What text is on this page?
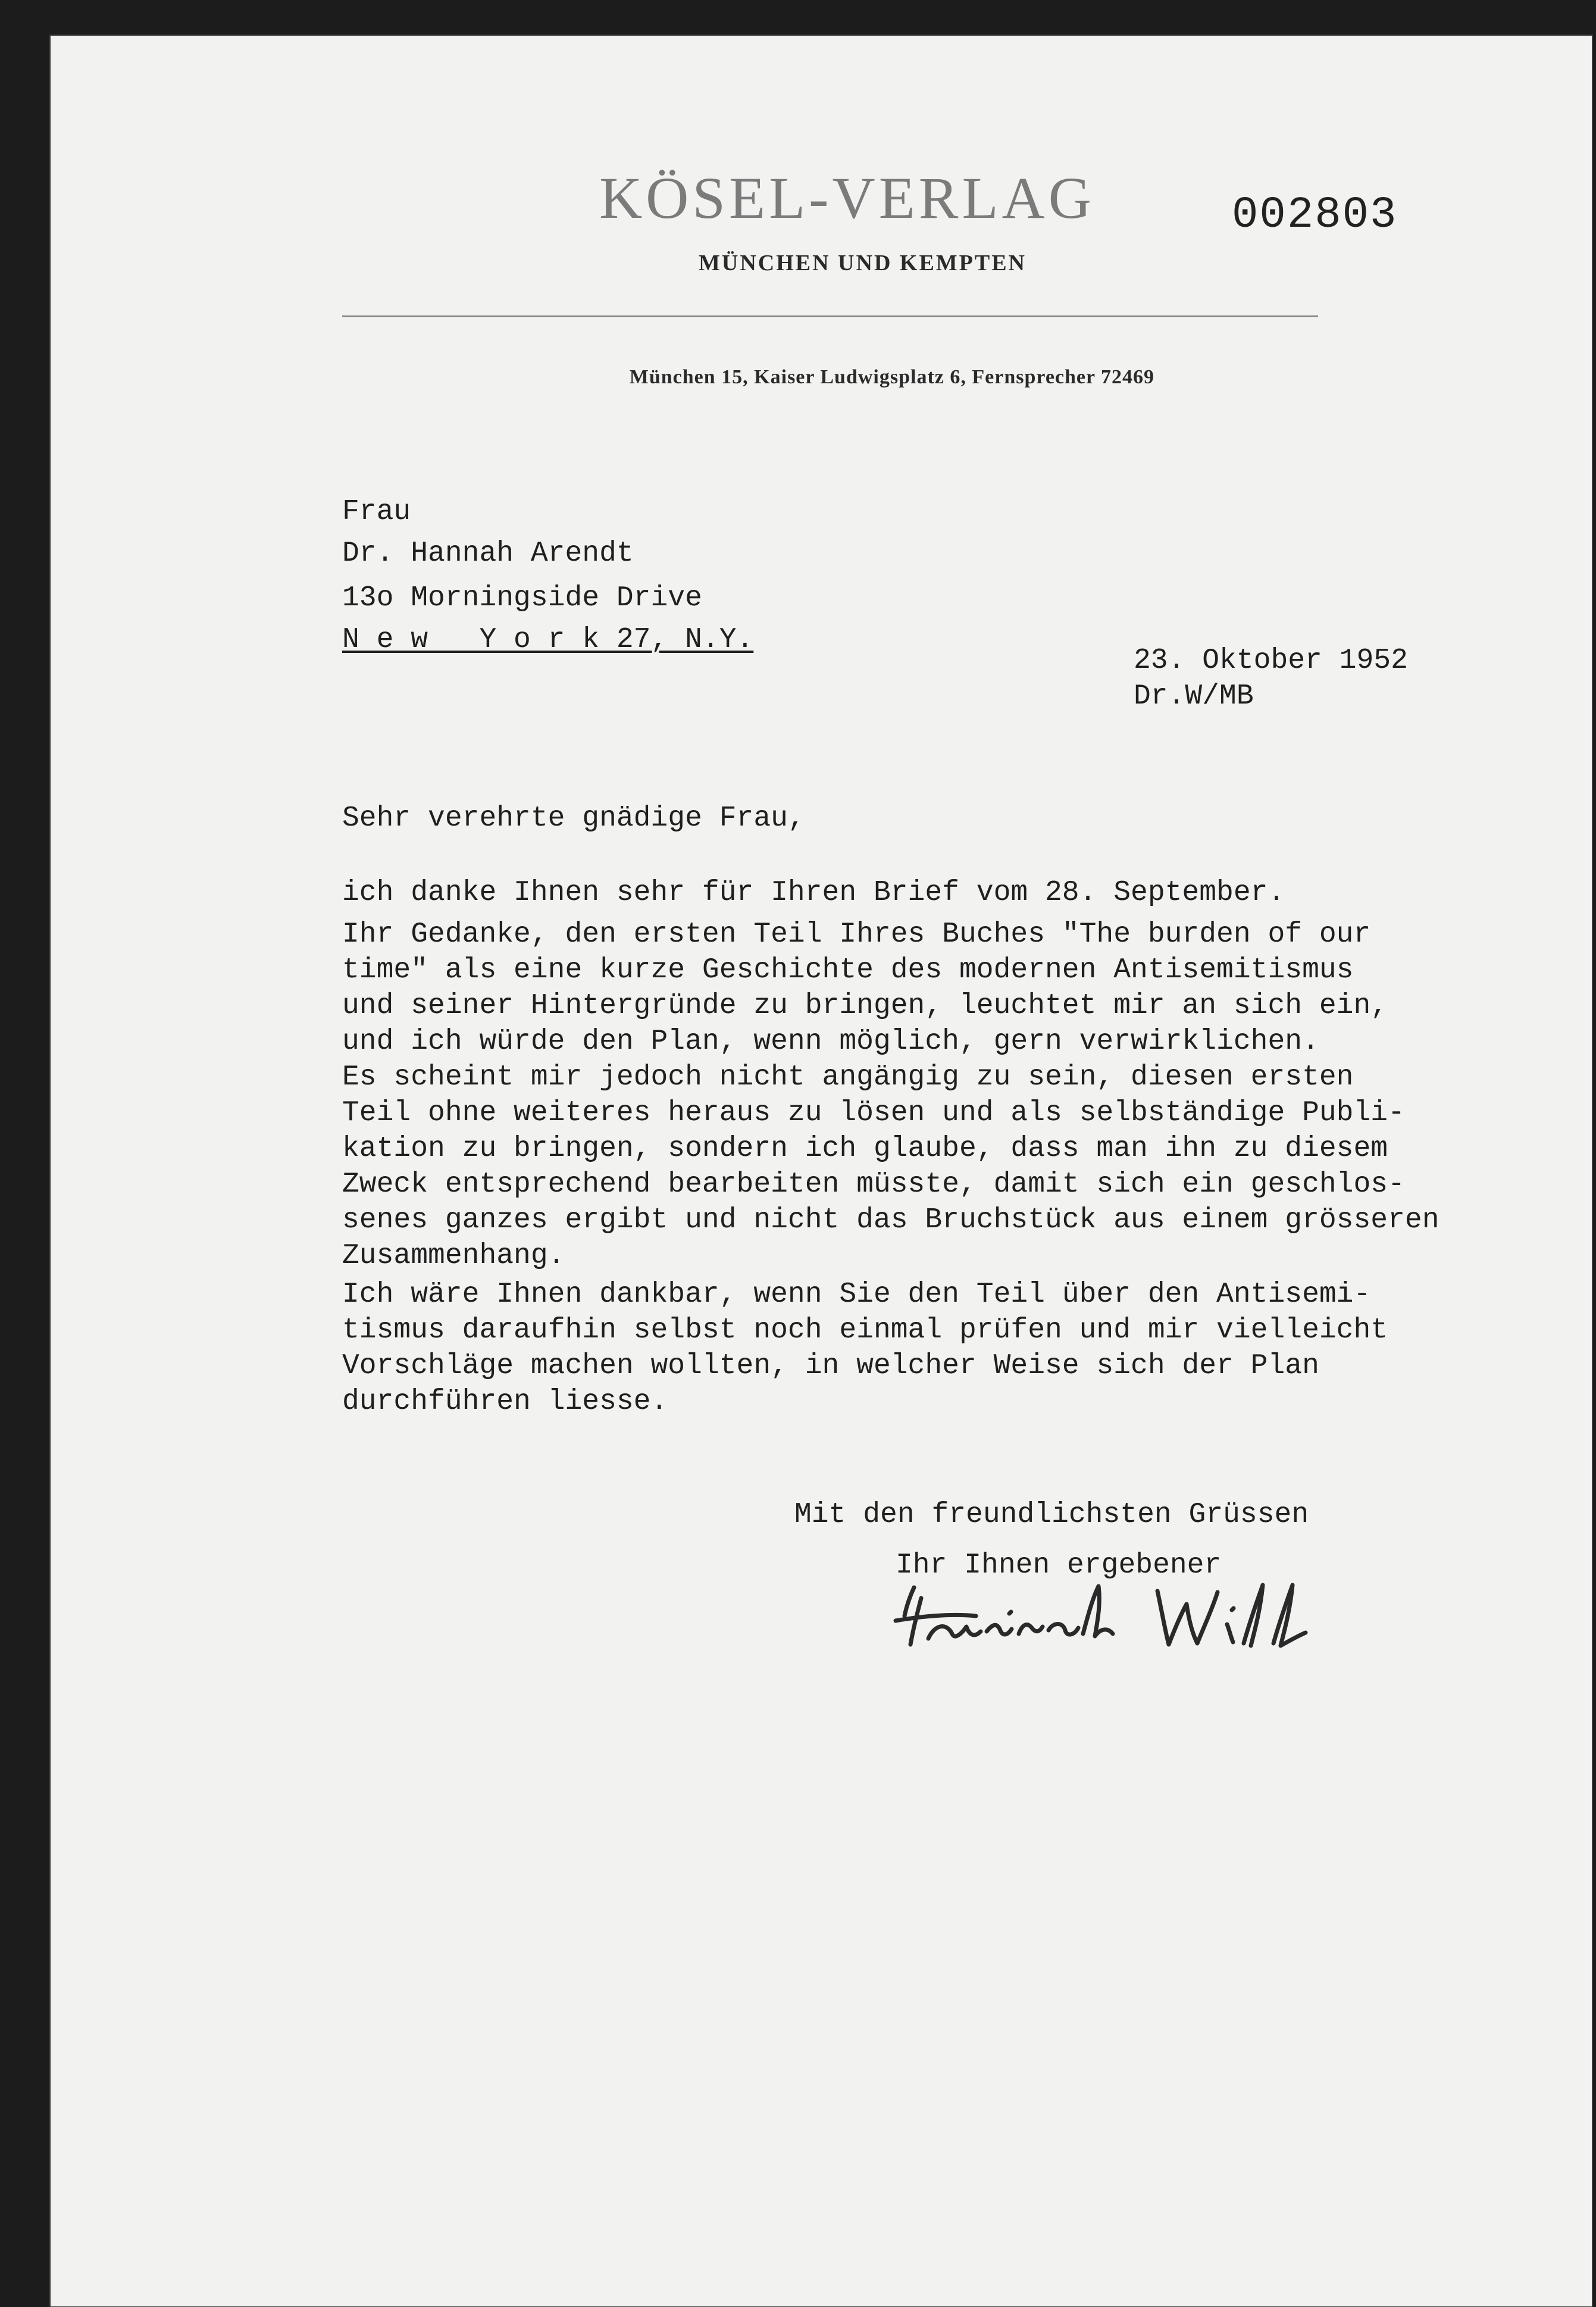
KÖSEL-VERLAG
MÜNCHEN UND KEMPTEN
002803
München 15, Kaiser Ludwigsplatz 6, Fernsprecher 72469
Frau
Dr. Hannah Arendt
13o Morningside Drive
N e w   Y o r k 27, N.Y.
23. Oktober 1952
Dr.W/MB
Sehr verehrte gnädige Frau,
ich danke Ihnen sehr für Ihren Brief vom 28. September.
Ihr Gedanke, den ersten Teil Ihres Buches "The burden of our
time" als eine kurze Geschichte des modernen Antisemitismus
und seiner Hintergründe zu bringen, leuchtet mir an sich ein,
und ich würde den Plan, wenn möglich, gern verwirklichen.
Es scheint mir jedoch nicht angängig zu sein, diesen ersten
Teil ohne weiteres heraus zu lösen und als selbständige Publi-
kation zu bringen, sondern ich glaube, dass man ihn zu diesem
Zweck entsprechend bearbeiten müsste, damit sich ein geschlos-
senes ganzes ergibt und nicht das Bruchstück aus einem grösseren
Zusammenhang.
Ich wäre Ihnen dankbar, wenn Sie den Teil über den Antisemi-
tismus daraufhin selbst noch einmal prüfen und mir vielleicht
Vorschläge machen wollten, in welcher Weise sich der Plan
durchführen liesse.
Mit den freundlichsten Grüssen
Ihr Ihnen ergebener
